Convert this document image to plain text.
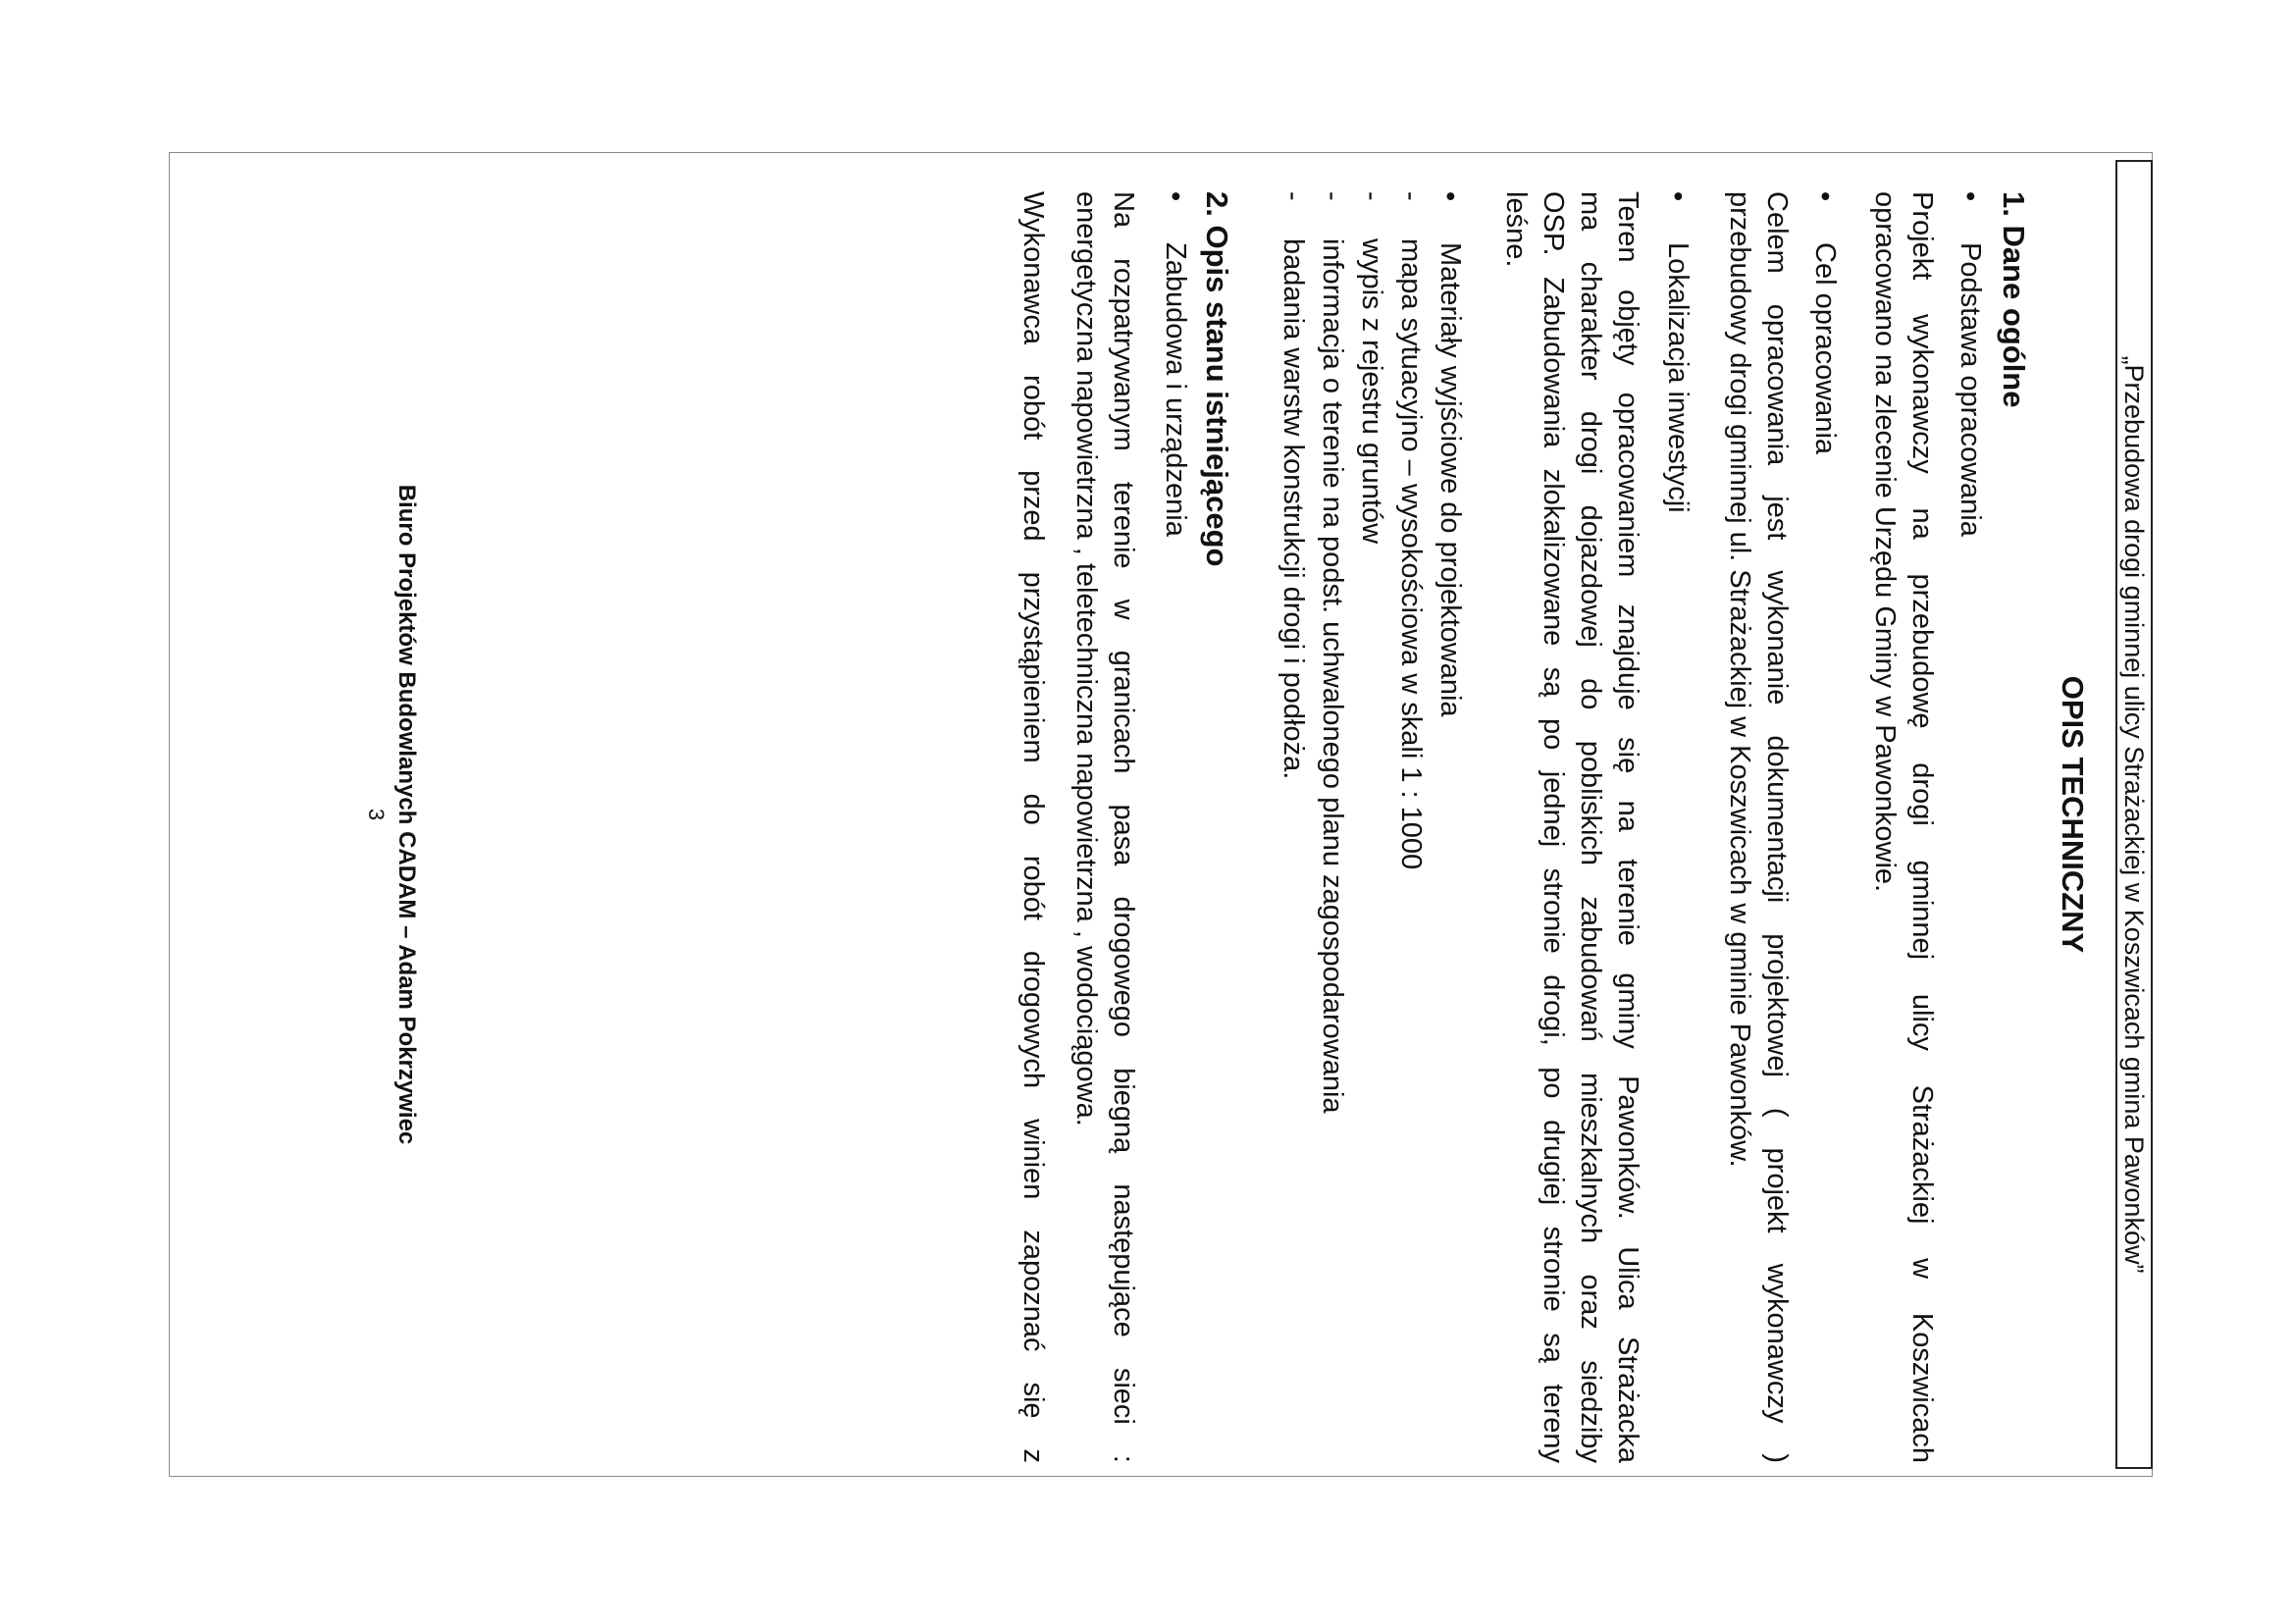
„Przebudowa drogi gminnej ulicy Strażackiej w Koszwicach gmina Pawonków”
OPIS TECHNICZNY
1. Dane ogólne
•Podstawa opracowania
Projekt wykonawczy na przebudowę drogi gminnej ulicy Strażackiej w Koszwicach
opracowano na zlecenie Urzędu Gminy w Pawonkowie.
•Cel opracowania
Celem opracowania jest wykonanie dokumentacji projektowej ( projekt wykonawczy )
przebudowy drogi gminnej ul. Strażackiej w Koszwicach w gminie Pawonków.
•Lokalizacja inwestycji
Teren objęty opracowaniem znajduje się na terenie gminy Pawonków. Ulica Strażacka
ma charakter drogi dojazdowej do pobliskich zabudowań mieszkalnych oraz siedziby
OSP. Zabudowania zlokalizowane są po jednej stronie drogi, po drugiej stronie są tereny
leśne.
•Materiały wyjściowe do projektowania
-mapa sytuacyjno – wysokościowa w skali 1 : 1000
-wypis z rejestru gruntów
-informacja o terenie na podst. uchwalonego planu zagospodarowania
-badania warstw konstrukcji drogi i podłoża.
2. Opis stanu istniejącego
•Zabudowa i urządzenia
Na rozpatrywanym terenie w granicach pasa drogowego biegną następujące sieci :
energetyczna napowietrzna , teletechniczna napowietrzna , wodociągowa.
Wykonawca robót przed przystąpieniem do robót drogowych winien zapoznać się z
Biuro Projektów Budowlanych CADAM – Adam Pokrzywiec
3
